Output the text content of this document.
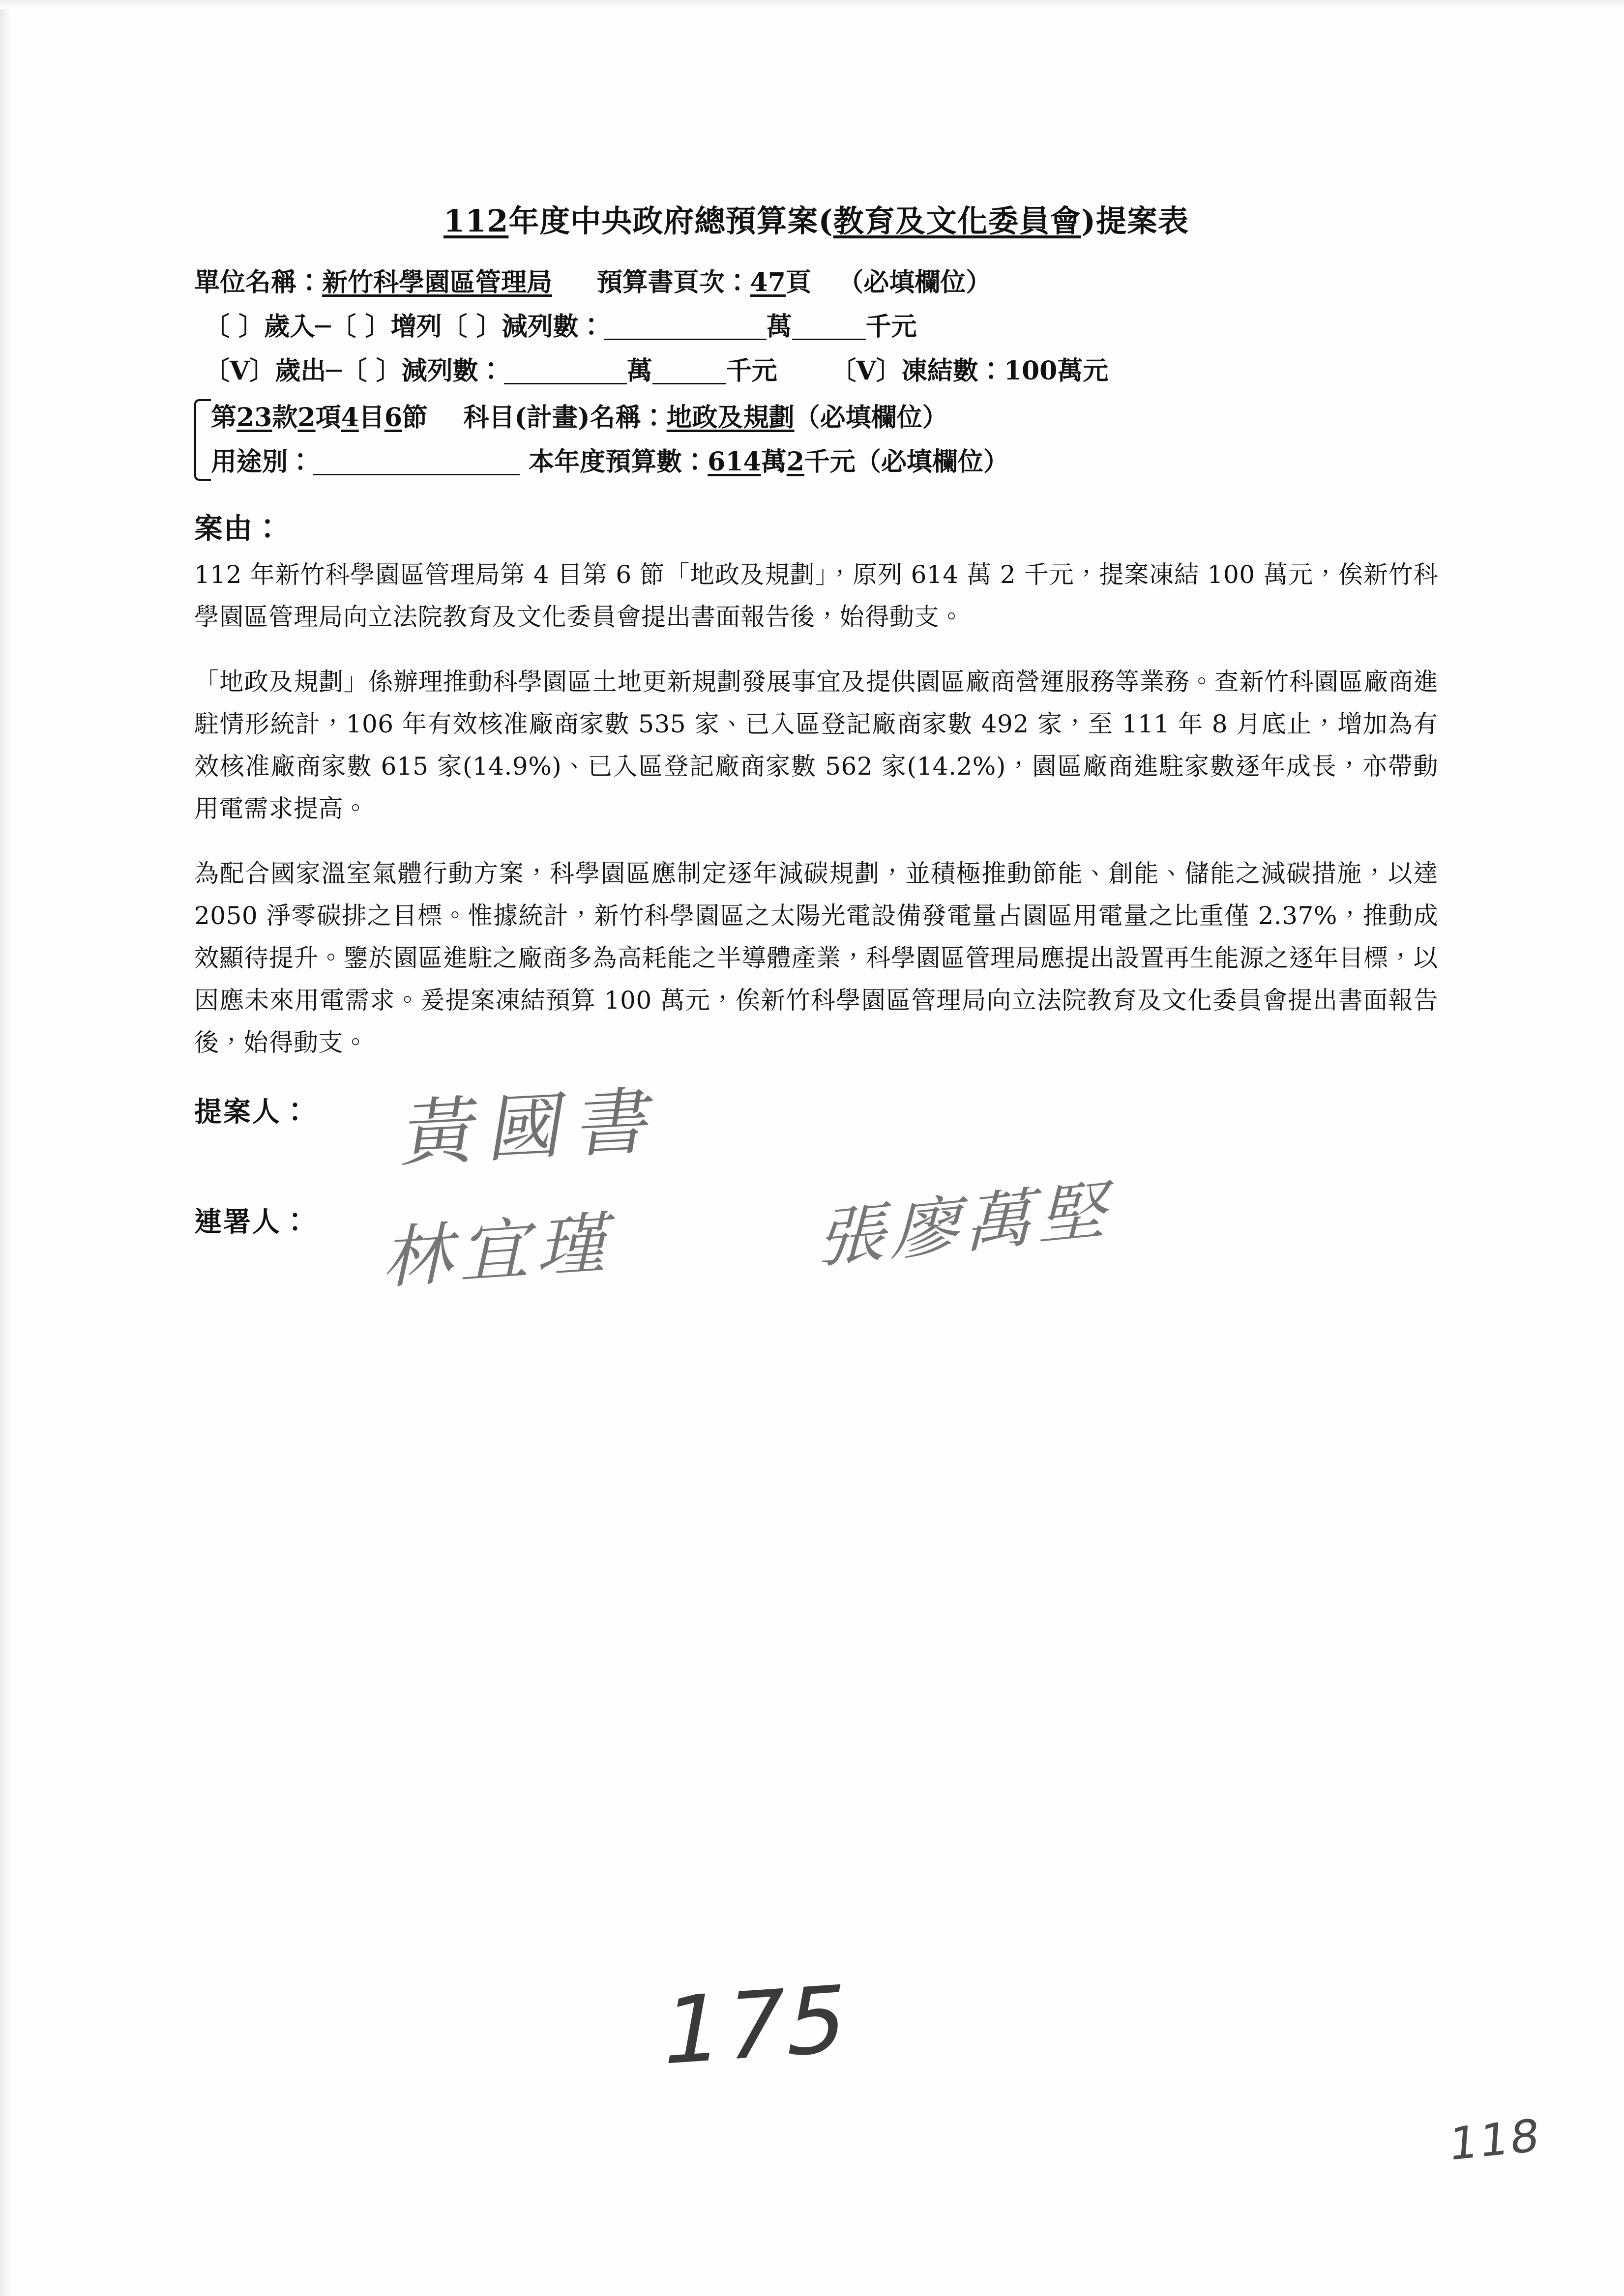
112年度中央政府總預算案(教育及文化委員會)提案表
單位名稱：新竹科學園區管理局 預算書頁次：47頁 （必填欄位）
〔 〕歲入─〔 〕增列〔 〕減列數：	萬	千元
〔V〕歲出─〔 〕減列數：	萬	千元 〔V〕凍結數：100萬元
第23款2項4目6節 科目(計畫)名稱：地政及規劃（必填欄位）
用途別：	本年度預算數：614萬2千元（必填欄位）
案由：

112 年新竹科學園區管理局第 4 目第 6 節「地政及規劃」，原列 614 萬 2 千元，提案凍結 100 萬元，俟新竹科學園區管理局向立法院教育及文化委員會提出書面報告後，始得動支。

「地政及規劃」係辦理推動科學園區土地更新規劃發展事宜及提供園區廠商營運服務等業務。查新竹科園區廠商進駐情形統計，106 年有效核准廠商家數 535 家、已入區登記廠商家數 492 家，至 111 年 8 月底止，增加為有效核准廠商家數 615 家(14.9%)、已入區登記廠商家數 562 家(14.2%)，園區廠商進駐家數逐年成長，亦帶動用電需求提高。

為配合國家溫室氣體行動方案，科學園區應制定逐年減碳規劃，並積極推動節能、創能、儲能之減碳措施，以達 2050 淨零碳排之目標。惟據統計，新竹科學園區之太陽光電設備發電量占園區用電量之比重僅 2.37%，推動成效顯待提升。鑒於園區進駐之廠商多為高耗能之半導體產業，科學園區管理局應提出設置再生能源之逐年目標，以因應未來用電需求。爰提案凍結預算 100 萬元，俟新竹科學園區管理局向立法院教育及文化委員會提出書面報告後，始得動支。

提案人： 黃國書
連署人： 林宜瑾	張廖萬堅
175
118
